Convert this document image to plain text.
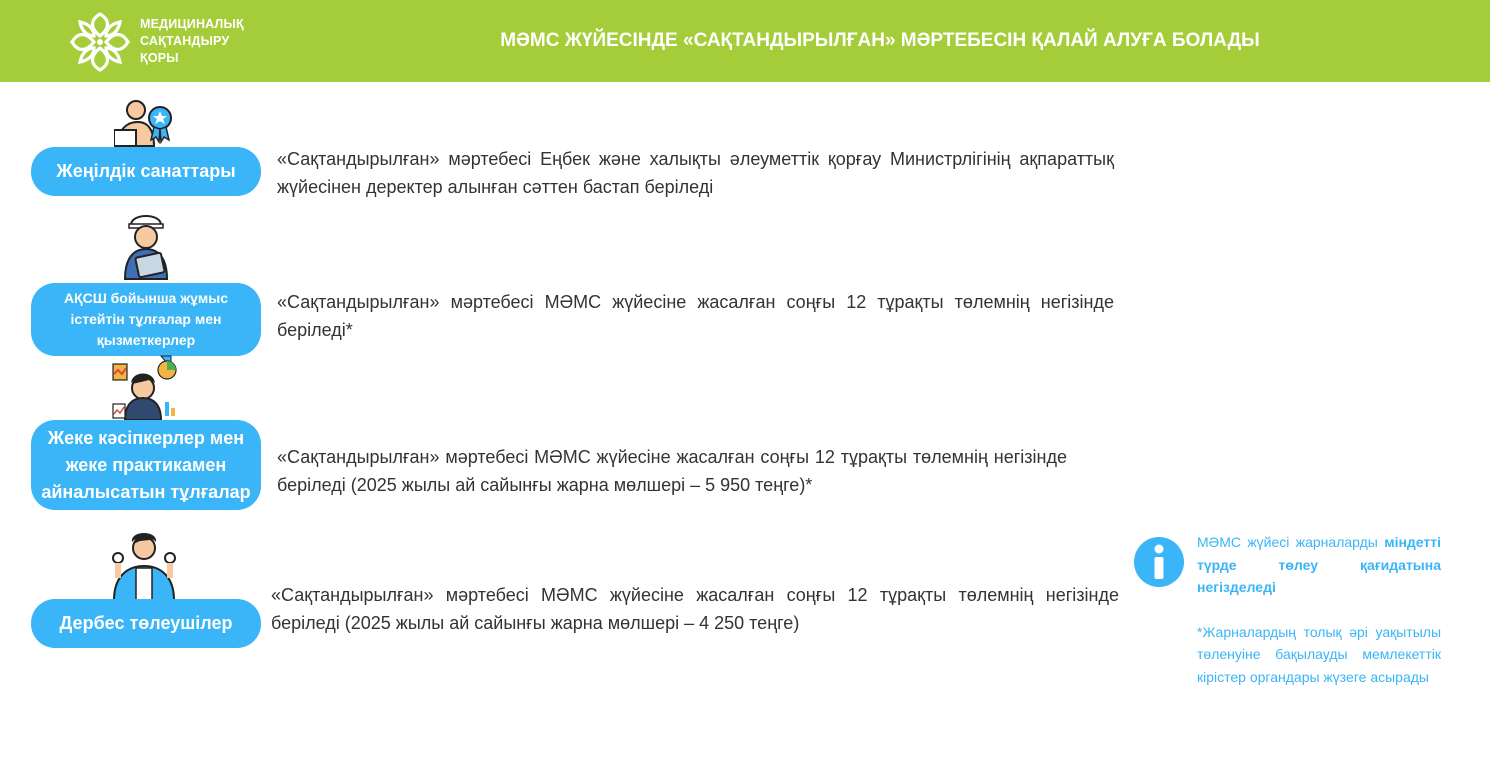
МЕДИЦИНАЛЫҚ
САҚТАНДЫРУ
ҚОРЫ
МӘМС ЖҮЙЕСІНДЕ «САҚТАНДЫРЫЛҒАН» МӘРТЕБЕСІН ҚАЛАЙ АЛУҒА БОЛАДЫ
Жеңілдік санаттары
«Сақтандырылған» мәртебесі Еңбек және халықты әлеуметтік қорғау Министрлігінің ақпараттық жүйесінен деректер алынған сәттен бастап беріледі
АҚСШ бойынша жұмыс
істейтін тұлғалар мен
қызметкерлер
«Сақтандырылған» мәртебесі МӘМС жүйесіне жасалған соңғы 12 тұрақты төлемнің негізінде беріледі*
Жеке кәсіпкерлер мен
жеке практикамен
айналысатын тұлғалар
«Сақтандырылған» мәртебесі МӘМС жүйесіне жасалған соңғы 12 тұрақты төлемнің негізінде беріледі (2025 жылы ай сайынғы жарна мөлшері – 5 950 теңге)*
Дербес төлеушілер
«Сақтандырылған» мәртебесі МӘМС жүйесіне жасалған соңғы 12 тұрақты төлемнің негізінде беріледі (2025 жылы ай сайынғы жарна мөлшері – 4 250 теңге)
МӘМС жүйесі жарналарды міндетті түрде төлеу қағидатына негізделеді
*Жарналардың толық әрі уақытылы төленуіне бақылауды мемлекеттік кірістер органдары жүзеге асырады
